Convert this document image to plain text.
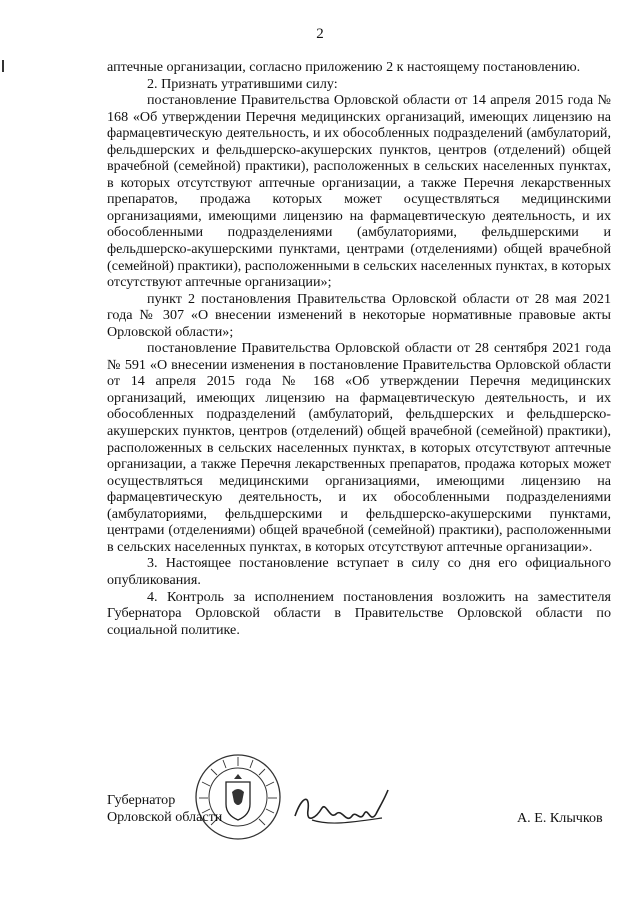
2

аптечные организации, согласно приложению 2 к настоящему постановлению.

2. Признать утратившими силу:

постановление Правительства Орловской области от 14 апреля 2015 года № 168 «Об утверждении Перечня медицинских организаций, имеющих лицензию на фармацевтическую деятельность, и их обособленных подразделений (амбулаторий, фельдшерских и фельдшерско-акушерских пунктов, центров (отделений) общей врачебной (семейной) практики), расположенных в сельских населенных пунктах, в которых отсутствуют аптечные организации, а также Перечня лекарственных препаратов, продажа которых может осуществляться медицинскими организациями, имеющими лицензию на фармацевтическую деятельность, и их обособленными подразделениями (амбулаториями, фельдшерскими и фельдшерско-акушерскими пунктами, центрами (отделениями) общей врачебной (семейной) практики), расположенными в сельских населенных пунктах, в которых отсутствуют аптечные организации»;

пункт 2 постановления Правительства Орловской области от 28 мая 2021 года № 307 «О внесении изменений в некоторые нормативные правовые акты Орловской области»;

постановление Правительства Орловской области от 28 сентября 2021 года № 591 «О внесении изменения в постановление Правительства Орловской области от 14 апреля 2015 года № 168 «Об утверждении Перечня медицинских организаций, имеющих лицензию на фармацевтическую деятельность, и их обособленных подразделений (амбулаторий, фельдшерских и фельдшерско-акушерских пунктов, центров (отделений) общей врачебной (семейной) практики), расположенных в сельских населенных пунктах, в которых отсутствуют аптечные организации, а также Перечня лекарственных препаратов, продажа которых может осуществляться медицинскими организациями, имеющими лицензию на фармацевтическую деятельность, и их обособленными подразделениями (амбулаториями, фельдшерскими и фельдшерско-акушерскими пунктами, центрами (отделениями) общей врачебной (семейной) практики), расположенными в сельских населенных пунктах, в которых отсутствуют аптечные организации».

3. Настоящее постановление вступает в силу со дня его официального опубликования.

4. Контроль за исполнением постановления возложить на заместителя Губернатора Орловской области в Правительстве Орловской области по социальной политике.

Губернатор
Орловской области	А. Е. Клычков
